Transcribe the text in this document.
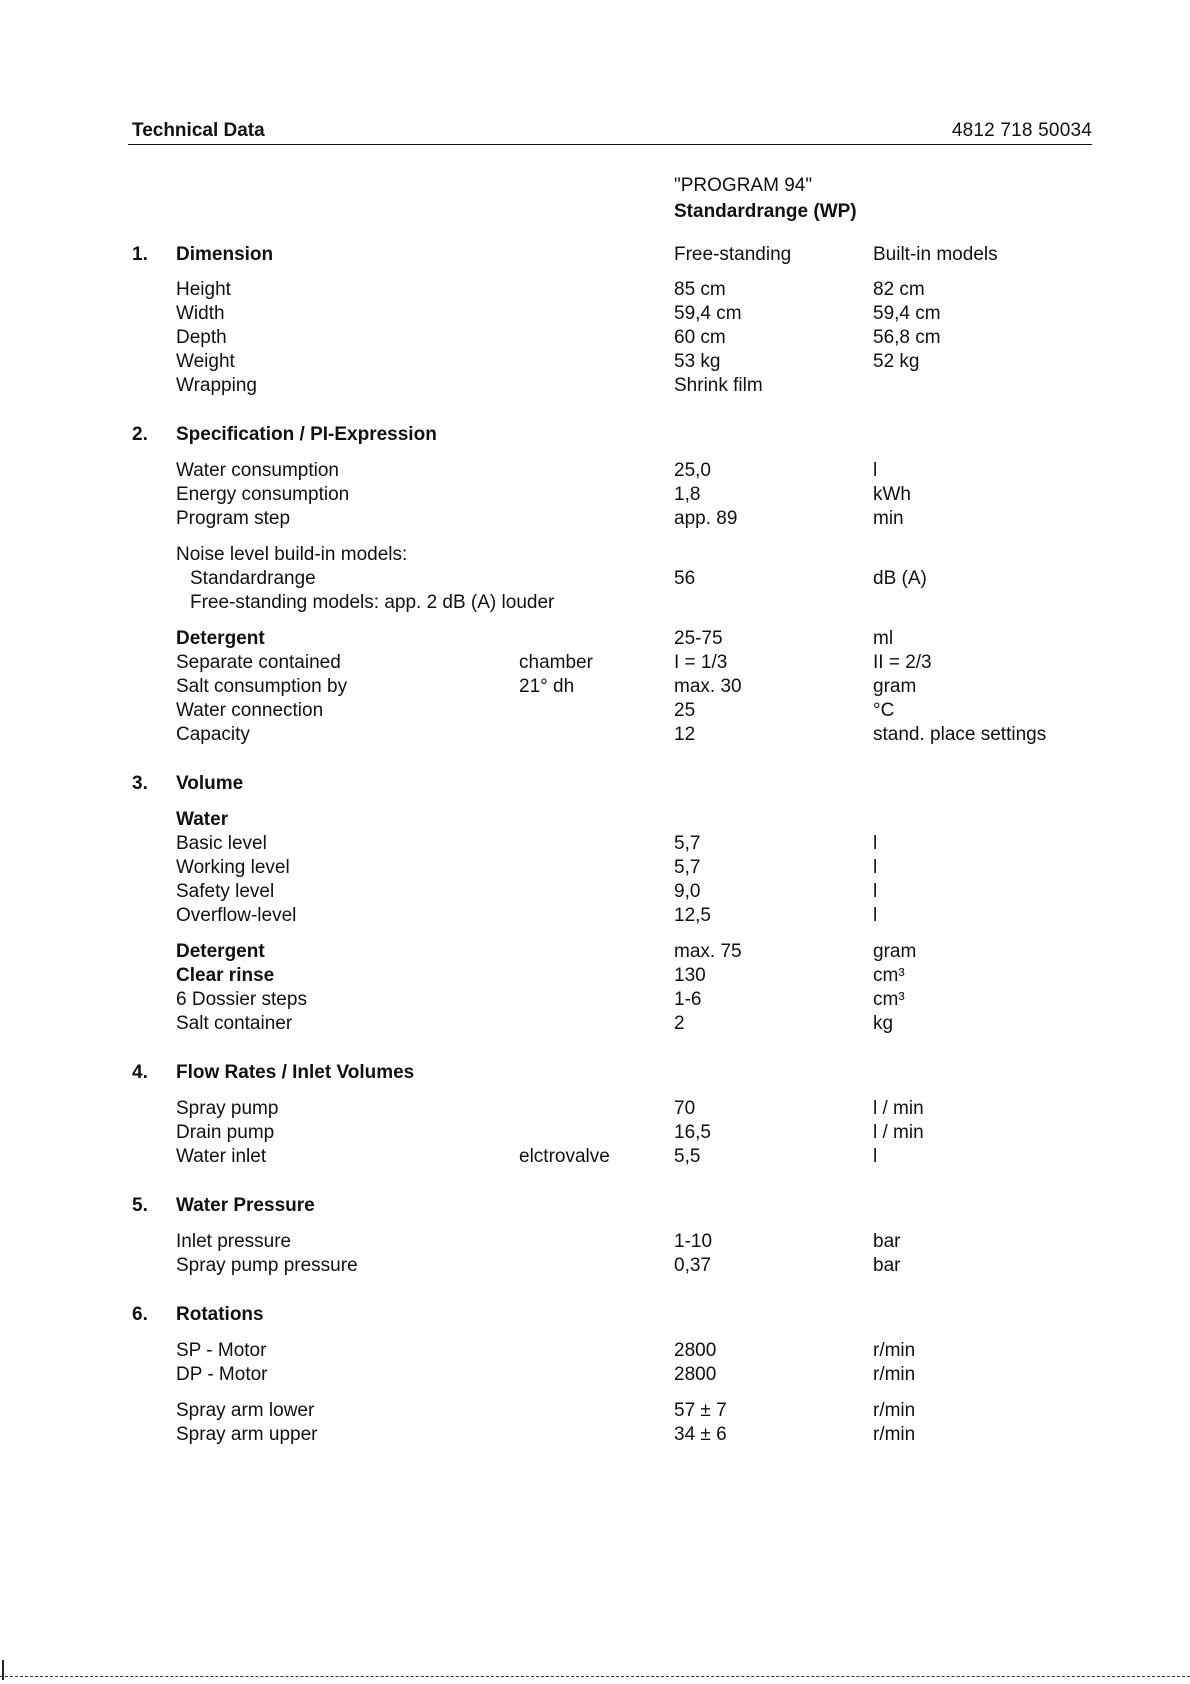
Technical Data	4812 718 50034
"PROGRAM 94"
Standardrange (WP)
1. Dimension	Free-standing	Built-in models
Height	85 cm	82 cm
Width	59,4 cm	59,4 cm
Depth	60 cm	56,8 cm
Weight	53 kg	52 kg
Wrapping	Shrink film
2. Specification / PI-Expression
Water consumption	25,0	l
Energy consumption	1,8	kWh
Program step	app. 89	min
Noise level build-in models:
Standardrange	56	dB (A)
Free-standing models: app. 2 dB (A) louder
Detergent	25-75	ml
Separate contained	chamber	I = 1/3	II = 2/3
Salt consumption by	21° dh	max. 30	gram
Water connection	25	°C
Capacity	12	stand. place settings
3. Volume
Water
Basic level	5,7	l
Working level	5,7	l
Safety level	9,0	l
Overflow-level	12,5	l
Detergent	max. 75	gram
Clear rinse	130	cm³
6 Dossier steps	1-6	cm³
Salt container	2	kg
4. Flow Rates / Inlet Volumes
Spray pump	70	l / min
Drain pump	16,5	l / min
Water inlet	elctrovalve	5,5	l
5. Water Pressure
Inlet pressure	1-10	bar
Spray pump pressure	0,37	bar
6. Rotations
SP - Motor	2800	r/min
DP - Motor	2800	r/min
Spray arm lower	57 ± 7	r/min
Spray arm upper	34 ± 6	r/min
